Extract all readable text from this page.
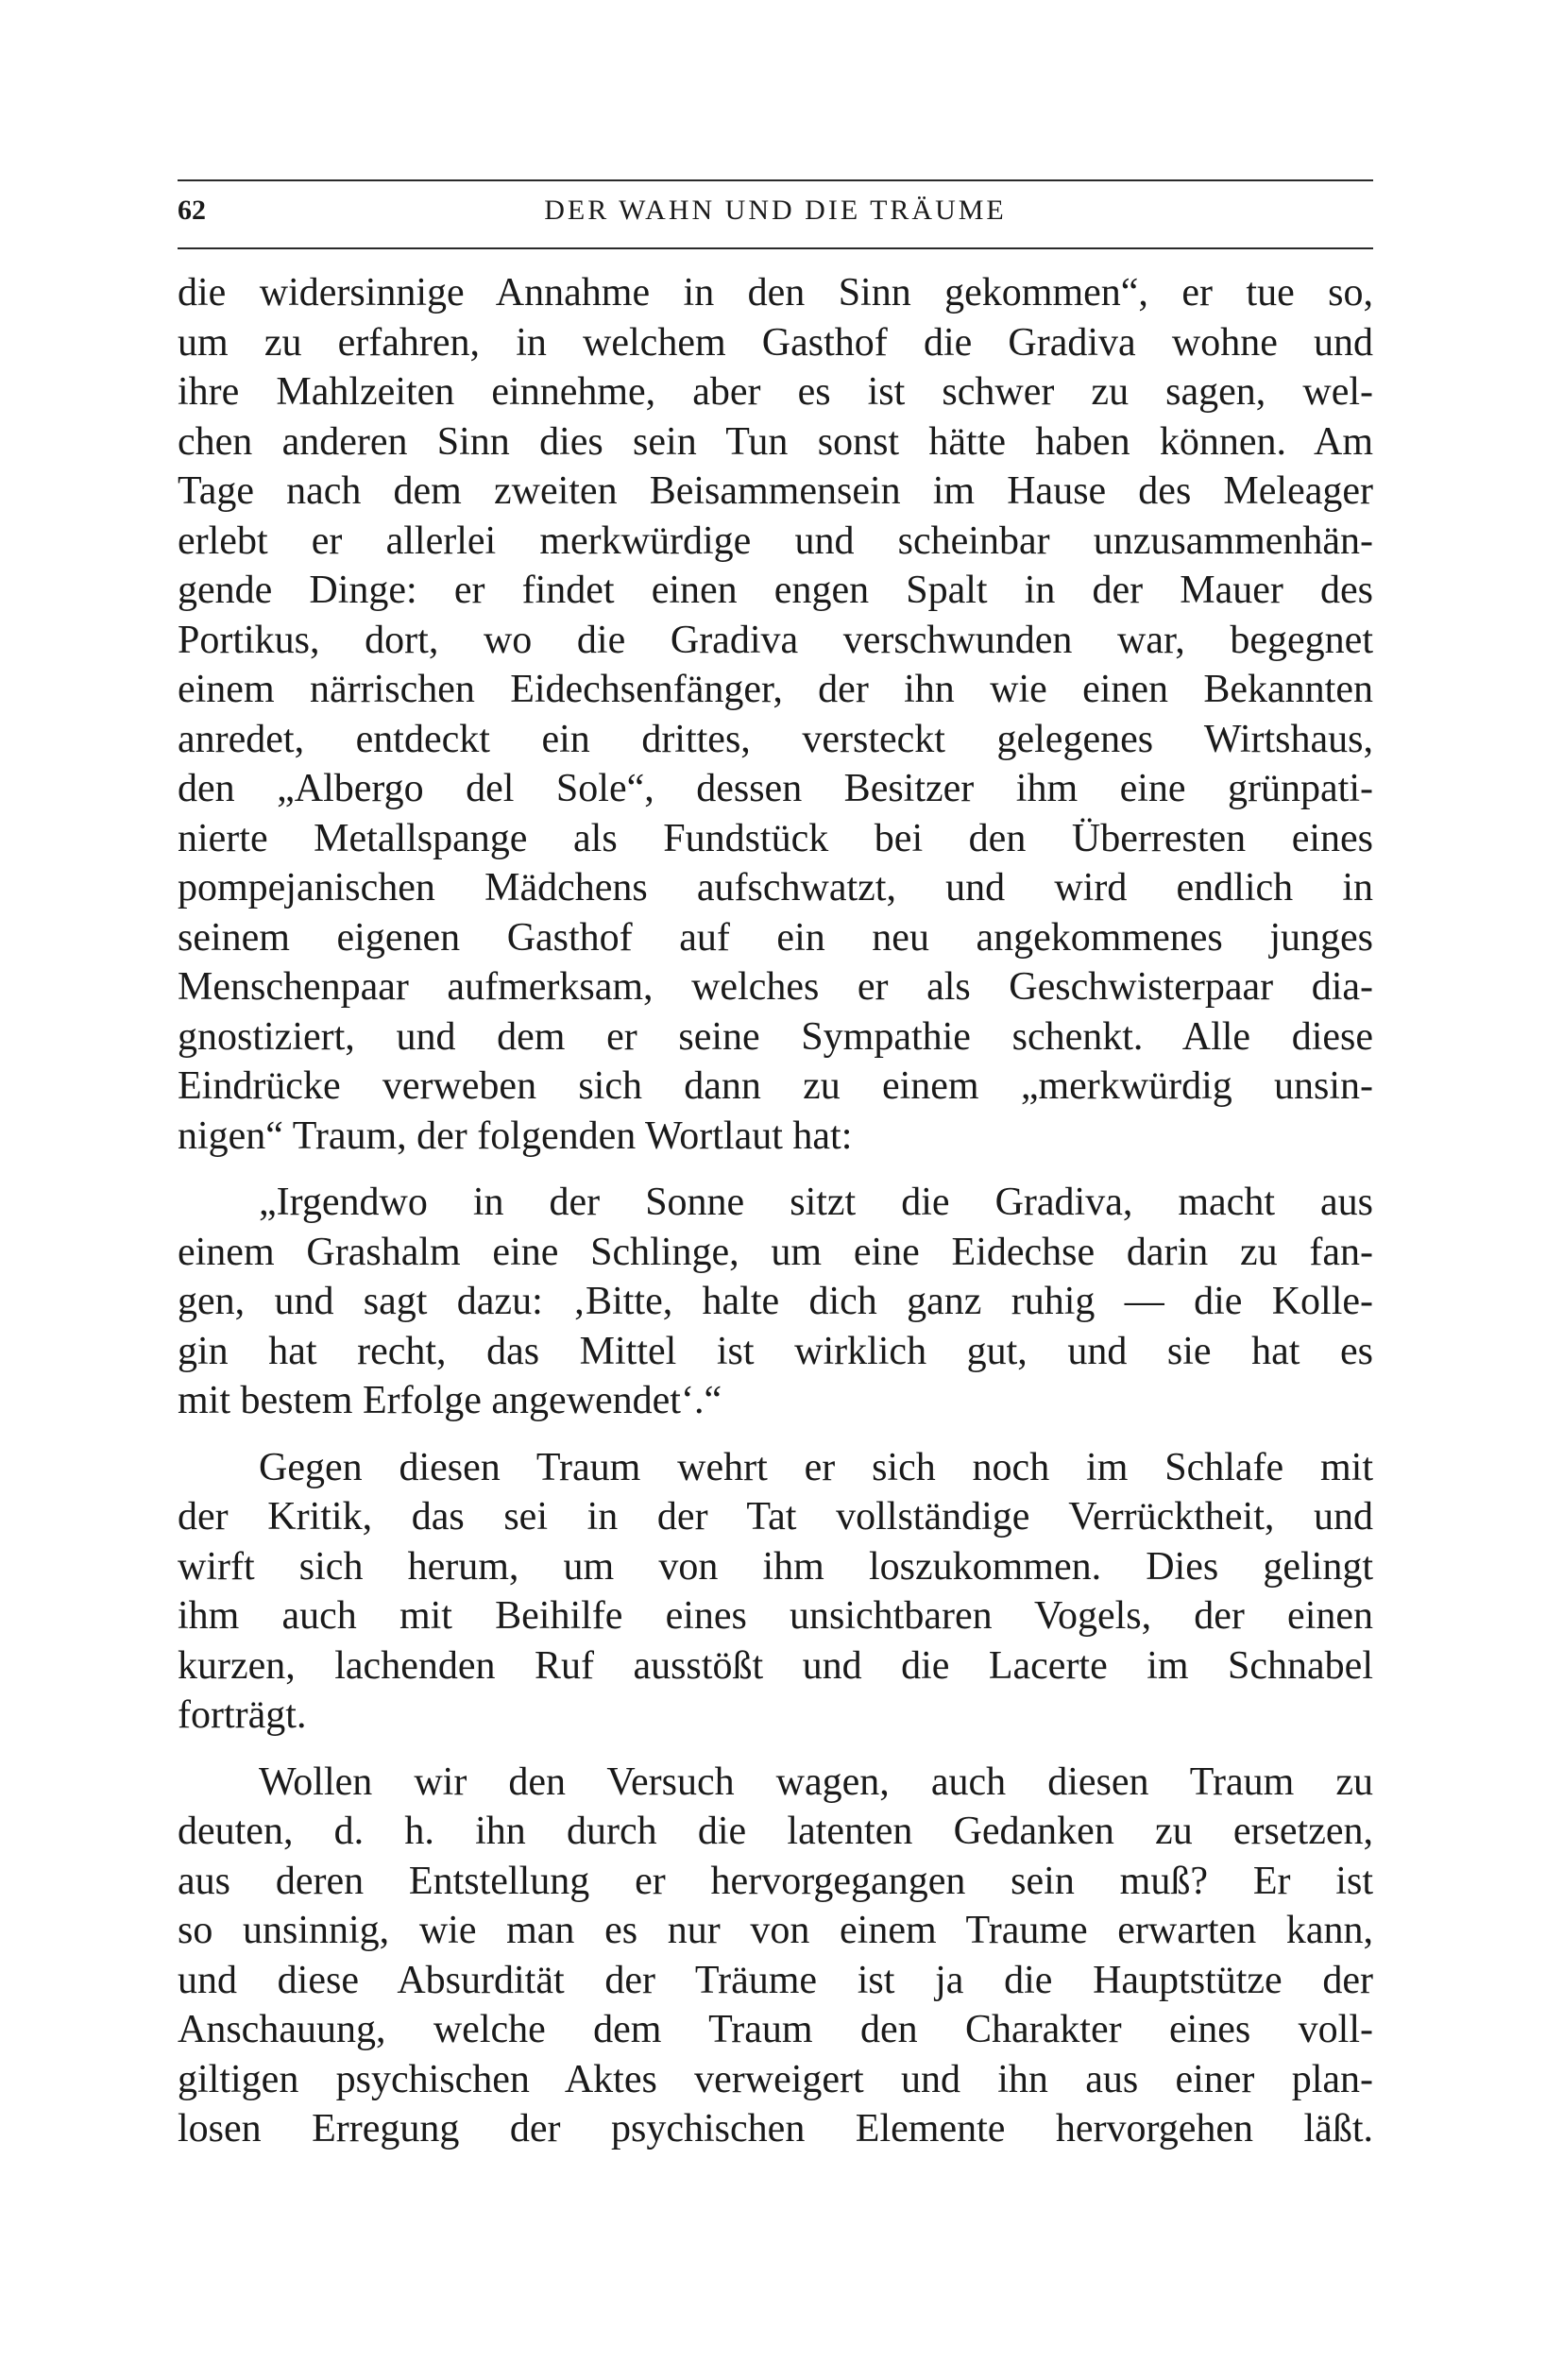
62	DER WAHN UND DIE TRÄUME
die widersinnige Annahme in den Sinn gekommen“, er tue so,
um zu erfahren, in welchem Gasthof die Gradiva wohne und
ihre Mahlzeiten einnehme, aber es ist schwer zu sagen, wel-
chen anderen Sinn dies sein Tun sonst hätte haben können. Am
Tage nach dem zweiten Beisammensein im Hause des Meleager
erlebt er allerlei merkwürdige und scheinbar unzusammenhän-
gende Dinge: er findet einen engen Spalt in der Mauer des
Portikus, dort, wo die Gradiva verschwunden war, begegnet
einem närrischen Eidechsenfänger, der ihn wie einen Bekannten
anredet, entdeckt ein drittes, versteckt gelegenes Wirtshaus,
den „Albergo del Sole“, dessen Besitzer ihm eine grünpati-
nierte Metallspange als Fundstück bei den Überresten eines
pompejanischen Mädchens aufschwatzt, und wird endlich in
seinem eigenen Gasthof auf ein neu angekommenes junges
Menschenpaar aufmerksam, welches er als Geschwisterpaar dia-
gnostiziert, und dem er seine Sympathie schenkt. Alle diese
Eindrücke verweben sich dann zu einem „merkwürdig unsin-
nigen“ Traum, der folgenden Wortlaut hat:
„Irgendwo in der Sonne sitzt die Gradiva, macht aus
einem Grashalm eine Schlinge, um eine Eidechse darin zu fan-
gen, und sagt dazu: ‚Bitte, halte dich ganz ruhig — die Kolle-
gin hat recht, das Mittel ist wirklich gut, und sie hat es
mit bestem Erfolge angewendet‘.“
Gegen diesen Traum wehrt er sich noch im Schlafe mit
der Kritik, das sei in der Tat vollständige Verrücktheit, und
wirft sich herum, um von ihm loszukommen. Dies gelingt
ihm auch mit Beihilfe eines unsichtbaren Vogels, der einen
kurzen, lachenden Ruf ausstößt und die Lacerte im Schnabel
forträgt.
Wollen wir den Versuch wagen, auch diesen Traum zu
deuten, d. h. ihn durch die latenten Gedanken zu ersetzen,
aus deren Entstellung er hervorgegangen sein muß? Er ist
so unsinnig, wie man es nur von einem Traume erwarten kann,
und diese Absurdität der Träume ist ja die Hauptstütze der
Anschauung, welche dem Traum den Charakter eines voll-
giltigen psychischen Aktes verweigert und ihn aus einer plan-
losen Erregung der psychischen Elemente hervorgehen läßt.
